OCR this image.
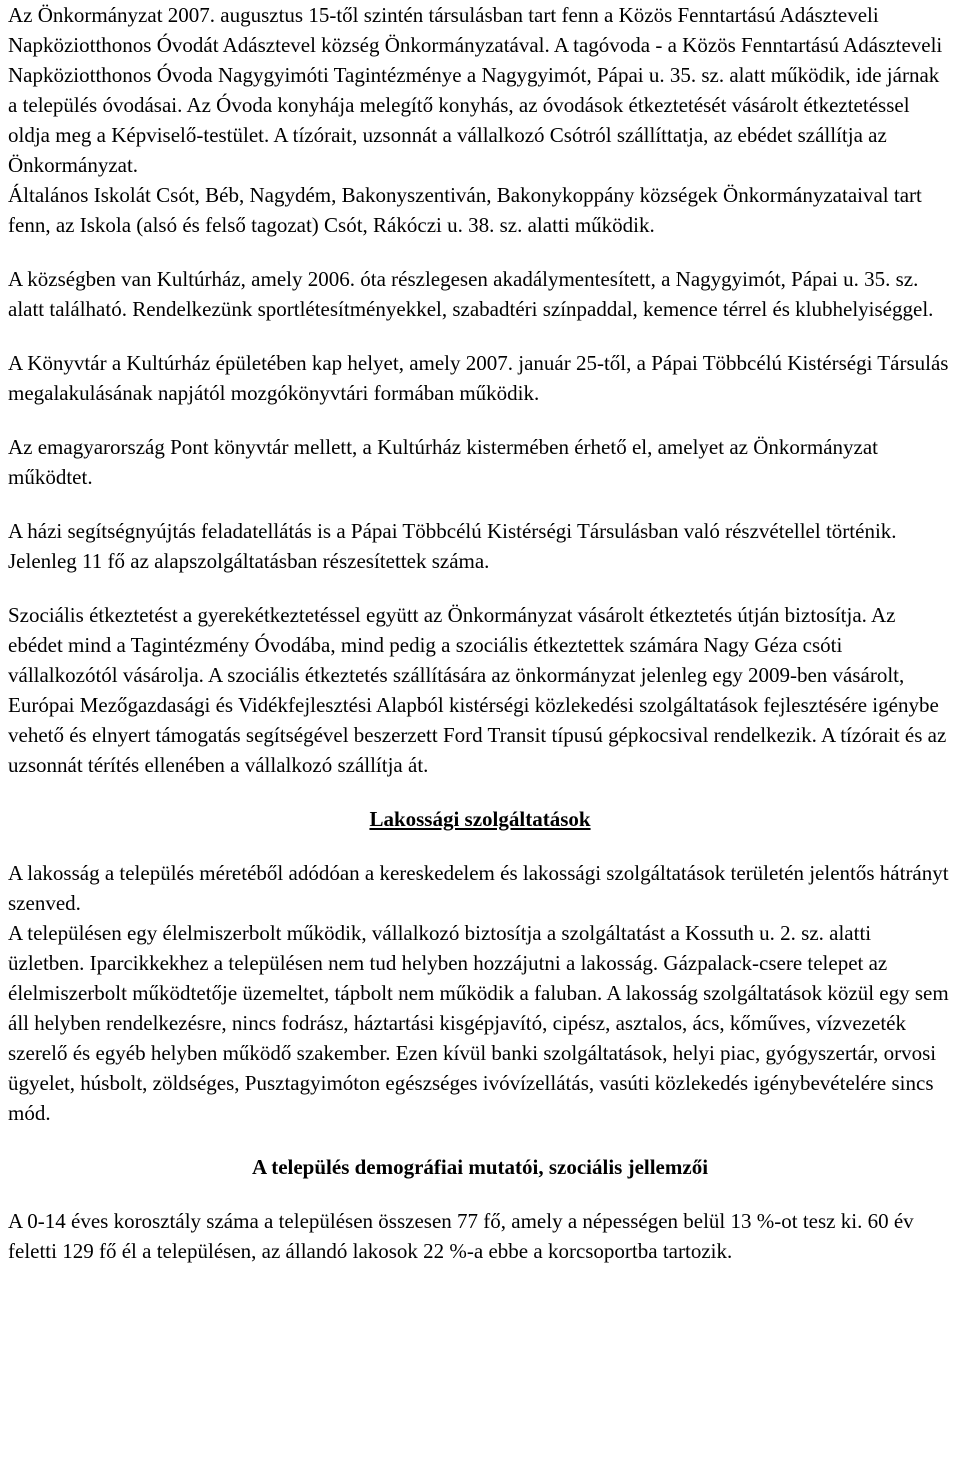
Az Önkormányzat 2007. augusztus 15-től szintén társulásban tart fenn a Közös Fenntartású Adászteveli Napköziotthonos Óvodát Adásztevel község Önkormányzatával. A tagóvoda - a Közös Fenntartású Adászteveli Napköziotthonos Óvoda Nagygyimóti Tagintézménye a Nagygyimót, Pápai u. 35. sz. alatt működik, ide járnak a település óvodásai. Az Óvoda konyhája melegítő konyhás, az óvodások étkeztetését vásárolt étkeztetéssel oldja meg a Képviselő-testület. A tízórait, uzsonnát a vállalkozó Csótról szállíttatja, az ebédet szállítja az Önkormányzat.

Általános Iskolát Csót, Béb, Nagydém, Bakonyszentiván, Bakonykoppány községek Önkormányzataival tart fenn, az Iskola (alsó és felső tagozat) Csót, Rákóczi u. 38. sz. alatti működik.

A községben van Kultúrház, amely 2006. óta részlegesen akadálymentesített, a Nagygyimót, Pápai u. 35. sz. alatt található. Rendelkezünk sportlétesítményekkel, szabadtéri színpaddal, kemence térrel és klubhelyiséggel.

A Könyvtár a Kultúrház épületében kap helyet, amely 2007. január 25-től, a Pápai Többcélú Kistérségi Társulás megalakulásának napjától mozgókönyvtári formában működik.

Az emagyarország Pont könyvtár mellett, a Kultúrház kistermében érhető el, amelyet az Önkormányzat működtet.

A házi segítségnyújtás feladatellátás is a Pápai Többcélú Kistérségi Társulásban való részvétellel történik. Jelenleg 11 fő az alapszolgáltatásban részesítettek száma.

Szociális étkeztetést a gyerekétkeztetéssel együtt az Önkormányzat vásárolt étkeztetés útján biztosítja. Az ebédet mind a Tagintézmény Óvodába, mind pedig a szociális étkeztettek számára Nagy Géza csóti vállalkozótól vásárolja. A szociális étkeztetés szállítására az önkormányzat jelenleg egy 2009-ben vásárolt, Európai Mezőgazdasági és Vidékfejlesztési Alapból kistérségi közlekedési szolgáltatások fejlesztésére igénybe vehető és elnyert támogatás segítségével beszerzett Ford Transit típusú gépkocsival rendelkezik. A tízórait és az uzsonnát térítés ellenében a vállalkozó szállítja át.

Lakossági szolgáltatások

A lakosság a település méretéből adódóan a kereskedelem és lakossági szolgáltatások területén jelentős hátrányt szenved.

A településen egy élelmiszerbolt működik, vállalkozó biztosítja a szolgáltatást a Kossuth u. 2. sz. alatti üzletben. Iparcikkekhez a településen nem tud helyben hozzájutni a lakosság. Gázpalack-csere telepet az élelmiszerbolt működtetője üzemeltet, tápbolt nem működik a faluban. A lakosság szolgáltatások közül egy sem áll helyben rendelkezésre, nincs fodrász, háztartási kisgépjavító, cipész, asztalos, ács, kőműves, vízvezeték szerelő és egyéb helyben működő szakember. Ezen kívül banki szolgáltatások, helyi piac, gyógyszertár, orvosi ügyelet, húsbolt, zöldséges, Pusztagyimóton egészséges ivóvízellátás, vasúti közlekedés igénybevételére sincs mód.

A település demográfiai mutatói, szociális jellemzői

A 0-14 éves korosztály száma a településen összesen 77 fő, amely a népességen belül 13 %-ot tesz ki. 60 év feletti 129 fő él a településen, az állandó lakosok 22 %-a ebbe a korcsoportba tartozik.
